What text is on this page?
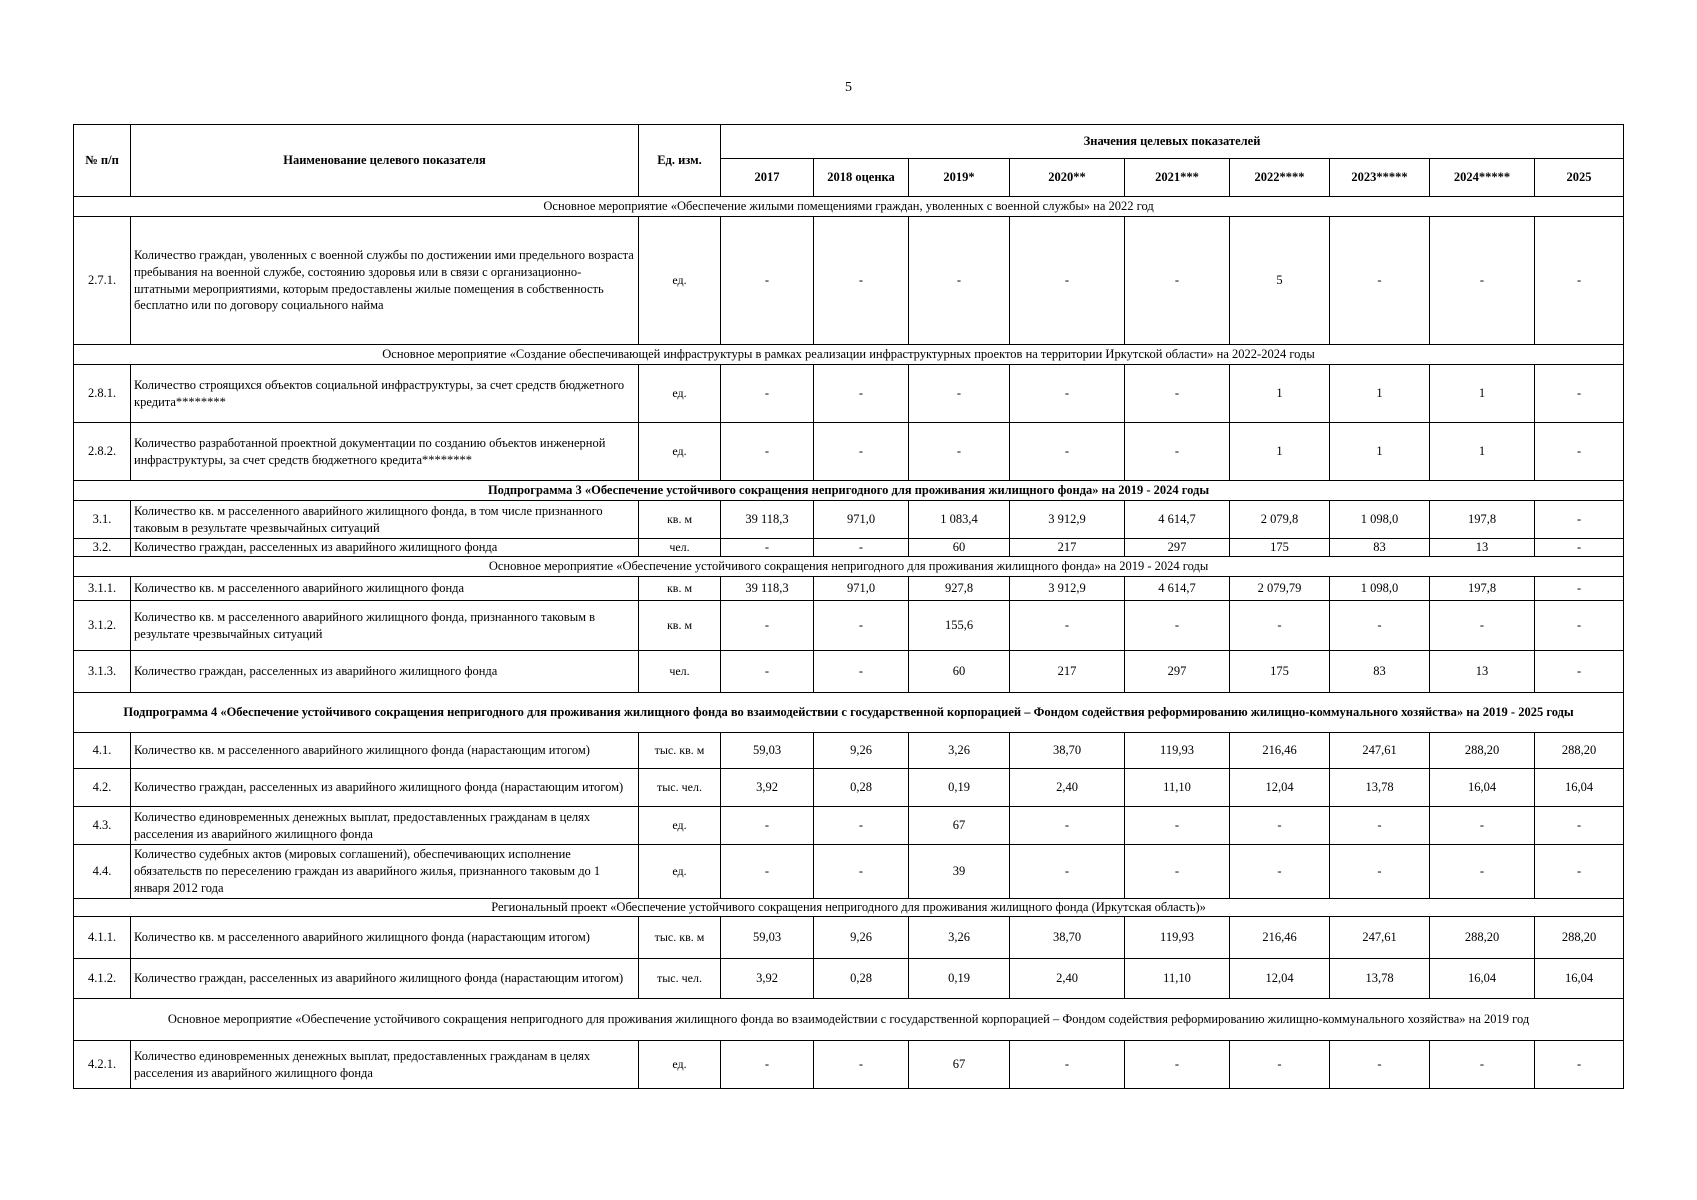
5
№ п/п	Наименование целевого показателя	Ед. изм.	Значения целевых показателей								
			2017	2018 оценка	2019*	2020**	2021***	2022****	2023*****	2024*****	2025
Основное мероприятие «Обеспечение жилыми помещениями граждан, уволенных с военной службы» на 2022 год											
2.7.1.	Количество граждан, уволенных с военной службы по достижении ими предельного возраста пребывания на военной службе, состоянию здоровья или в связи с организационно-штатными мероприятиями, которым предоставлены жилые помещения в собственность бесплатно или по договору социального найма	ед.	-	-	-	-	-	5	-	-	-
Основное мероприятие «Создание обеспечивающей инфраструктуры в рамках реализации инфраструктурных проектов на территории Иркутской области» на 2022-2024 годы											
2.8.1.	Количество строящихся объектов социальной инфраструктуры, за счет средств бюджетного кредита********	ед.	-	-	-	-	-	1	1	1	-
2.8.2.	Количество разработанной проектной документации по созданию объектов инженерной инфраструктуры, за счет средств бюджетного кредита********	ед.	-	-	-	-	-	1	1	1	-
Подпрограмма 3 «Обеспечение устойчивого сокращения непригодного для проживания жилищного фонда» на 2019 - 2024 годы											
3.1.	Количество кв. м расселенного аварийного жилищного фонда, в том числе признанного таковым в результате чрезвычайных ситуаций	кв. м	39 118,3	971,0	1 083,4	3 912,9	4 614,7	2 079,8	1 098,0	197,8	-
3.2.	Количество граждан, расселенных из аварийного жилищного фонда	чел.	-	-	60	217	297	175	83	13	-
Основное мероприятие «Обеспечение устойчивого сокращения непригодного для проживания жилищного фонда» на 2019 - 2024 годы											
3.1.1.	Количество кв. м расселенного аварийного жилищного фонда	кв. м	39 118,3	971,0	927,8	3 912,9	4 614,7	2 079,79	1 098,0	197,8	-
3.1.2.	Количество кв. м расселенного аварийного жилищного фонда, признанного таковым в результате чрезвычайных ситуаций	кв. м	-	-	155,6	-	-	-	-	-	-
3.1.3.	Количество граждан, расселенных из аварийного жилищного фонда	чел.	-	-	60	217	297	175	83	13	-
Подпрограмма 4 «Обеспечение устойчивого сокращения непригодного для проживания жилищного фонда во взаимодействии с государственной корпорацией – Фондом содействия реформированию жилищно-коммунального хозяйства» на 2019 - 2025 годы											
4.1.	Количество кв. м расселенного аварийного жилищного фонда (нарастающим итогом)	тыс. кв. м	59,03	9,26	3,26	38,70	119,93	216,46	247,61	288,20	288,20
4.2.	Количество граждан, расселенных из аварийного жилищного фонда (нарастающим итогом)	тыс. чел.	3,92	0,28	0,19	2,40	11,10	12,04	13,78	16,04	16,04
4.3.	Количество единовременных денежных выплат, предоставленных гражданам в целях расселения из аварийного жилищного фонда	ед.	-	-	67	-	-	-	-	-	-
4.4.	Количество судебных актов (мировых соглашений), обеспечивающих исполнение обязательств по переселению граждан из аварийного жилья, признанного таковым до 1 января 2012 года	ед.	-	-	39	-	-	-	-	-	-
Региональный проект «Обеспечение устойчивого сокращения непригодного для проживания жилищного фонда (Иркутская область)»											
4.1.1.	Количество кв. м расселенного аварийного жилищного фонда (нарастающим итогом)	тыс. кв. м	59,03	9,26	3,26	38,70	119,93	216,46	247,61	288,20	288,20
4.1.2.	Количество граждан, расселенных из аварийного жилищного фонда (нарастающим итогом)	тыс. чел.	3,92	0,28	0,19	2,40	11,10	12,04	13,78	16,04	16,04
Основное мероприятие «Обеспечение устойчивого сокращения непригодного для проживания жилищного фонда во взаимодействии с государственной корпорацией – Фондом содействия реформированию жилищно-коммунального хозяйства» на 2019 год											
4.2.1.	Количество единовременных денежных выплат, предоставленных гражданам в целях расселения из аварийного жилищного фонда	ед.	-	-	67	-	-	-	-	-	-
